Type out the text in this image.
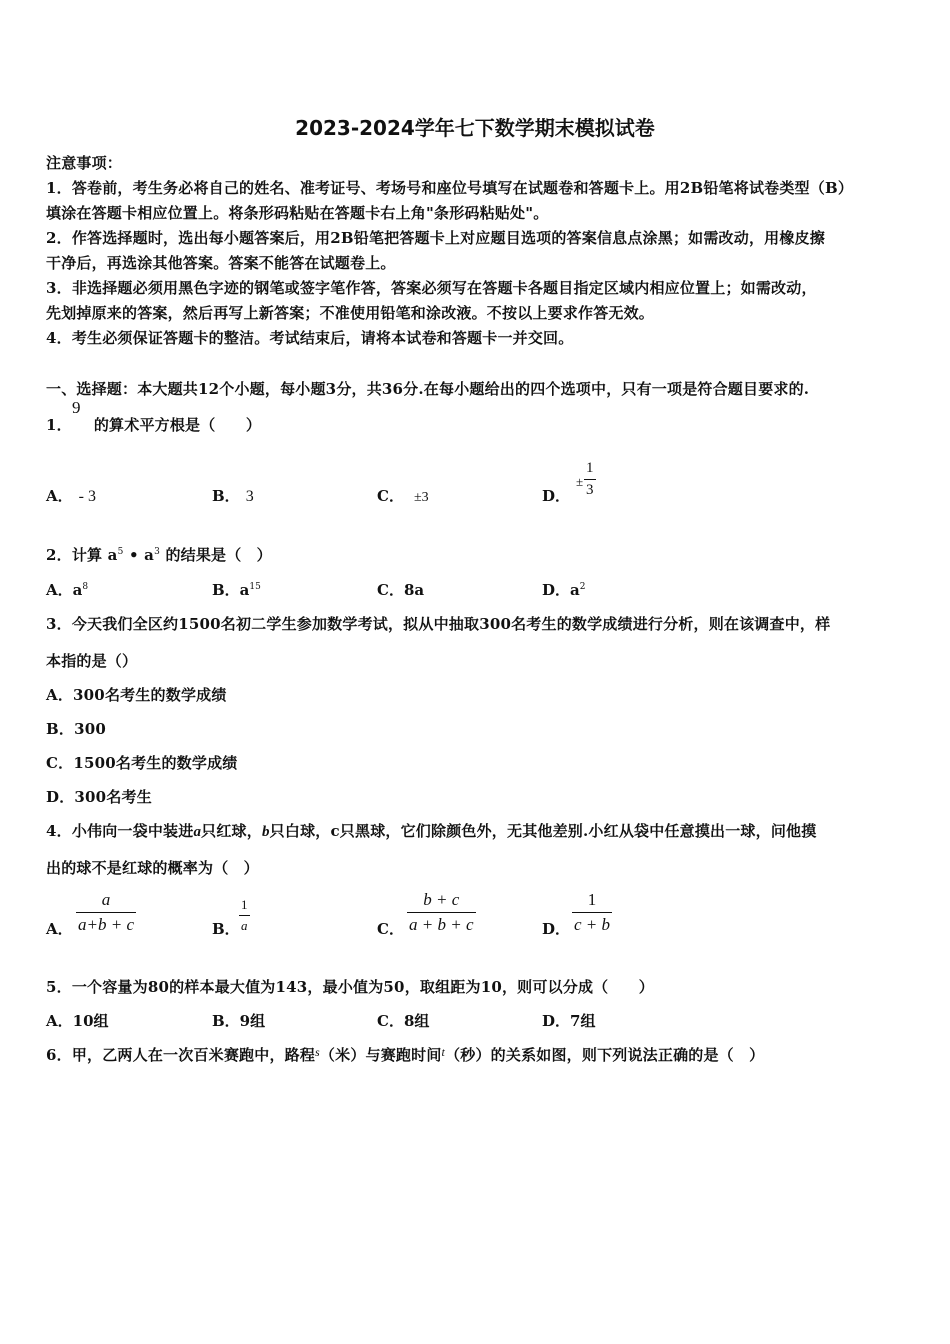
2023-2024学年七下数学期末模拟试卷
注意事项：
1．答卷前，考生务必将自己的姓名、准考证号、考场号和座位号填写在试题卷和答题卡上。用2B铅笔将试卷类型（B）
填涂在答题卡相应位置上。将条形码粘贴在答题卡右上角"条形码粘贴处"。
2．作答选择题时，选出每小题答案后，用2B铅笔把答题卡上对应题目选项的答案信息点涂黑；如需改动，用橡皮擦
干净后，再选涂其他答案。答案不能答在试题卷上。
3．非选择题必须用黑色字迹的钢笔或签字笔作答，答案必须写在答题卡各题目指定区域内相应位置上；如需改动，
先划掉原来的答案，然后再写上新答案；不准使用铅笔和涂改液。不按以上要求作答无效。
4．考生必须保证答题卡的整洁。考试结束后，请将本试卷和答题卡一并交回。
一、选择题：本大题共12个小题，每小题3分，共36分.在每小题给出的四个选项中，只有一项是符合题目要求的.
1． 的算术平方根是（　　）
9
A． - 3	B． 3	C． ±3	D．
± $\frac{1}{3}$
2．计算 $a^5$ • $a^3$ 的结果是（　）
A．$a^8$	B．$a^{15}$	C．8a	D．$a^2$
3．今天我们全区约1500名初二学生参加数学考试，拟从中抽取300名考生的数学成绩进行分析，则在该调查中，样
本指的是（）
A．300名考生的数学成绩
B．300
C．1500名考生的数学成绩
D．300名考生
4．小伟向一袋中装进a只红球，b只白球，c只黑球，它们除颜色外，无其他差别.小红从袋中任意摸出一球，问他摸
出的球不是红球的概率为（　）
A． $\frac{a}{a+b + c}$	B． $\frac{1}{a}$	C． $\frac{b + c}{a + b + c}$	D． $\frac{1}{c + b}$
5．一个容量为80的样本最大值为143，最小值为50，取组距为10，则可以分成（　　）
A．10组	B．9组	C．8组	D．7组
6．甲，乙两人在一次百米赛跑中，路程$^s$（米）与赛跑时间$^t$（秒）的关系如图，则下列说法正确的是（　）
